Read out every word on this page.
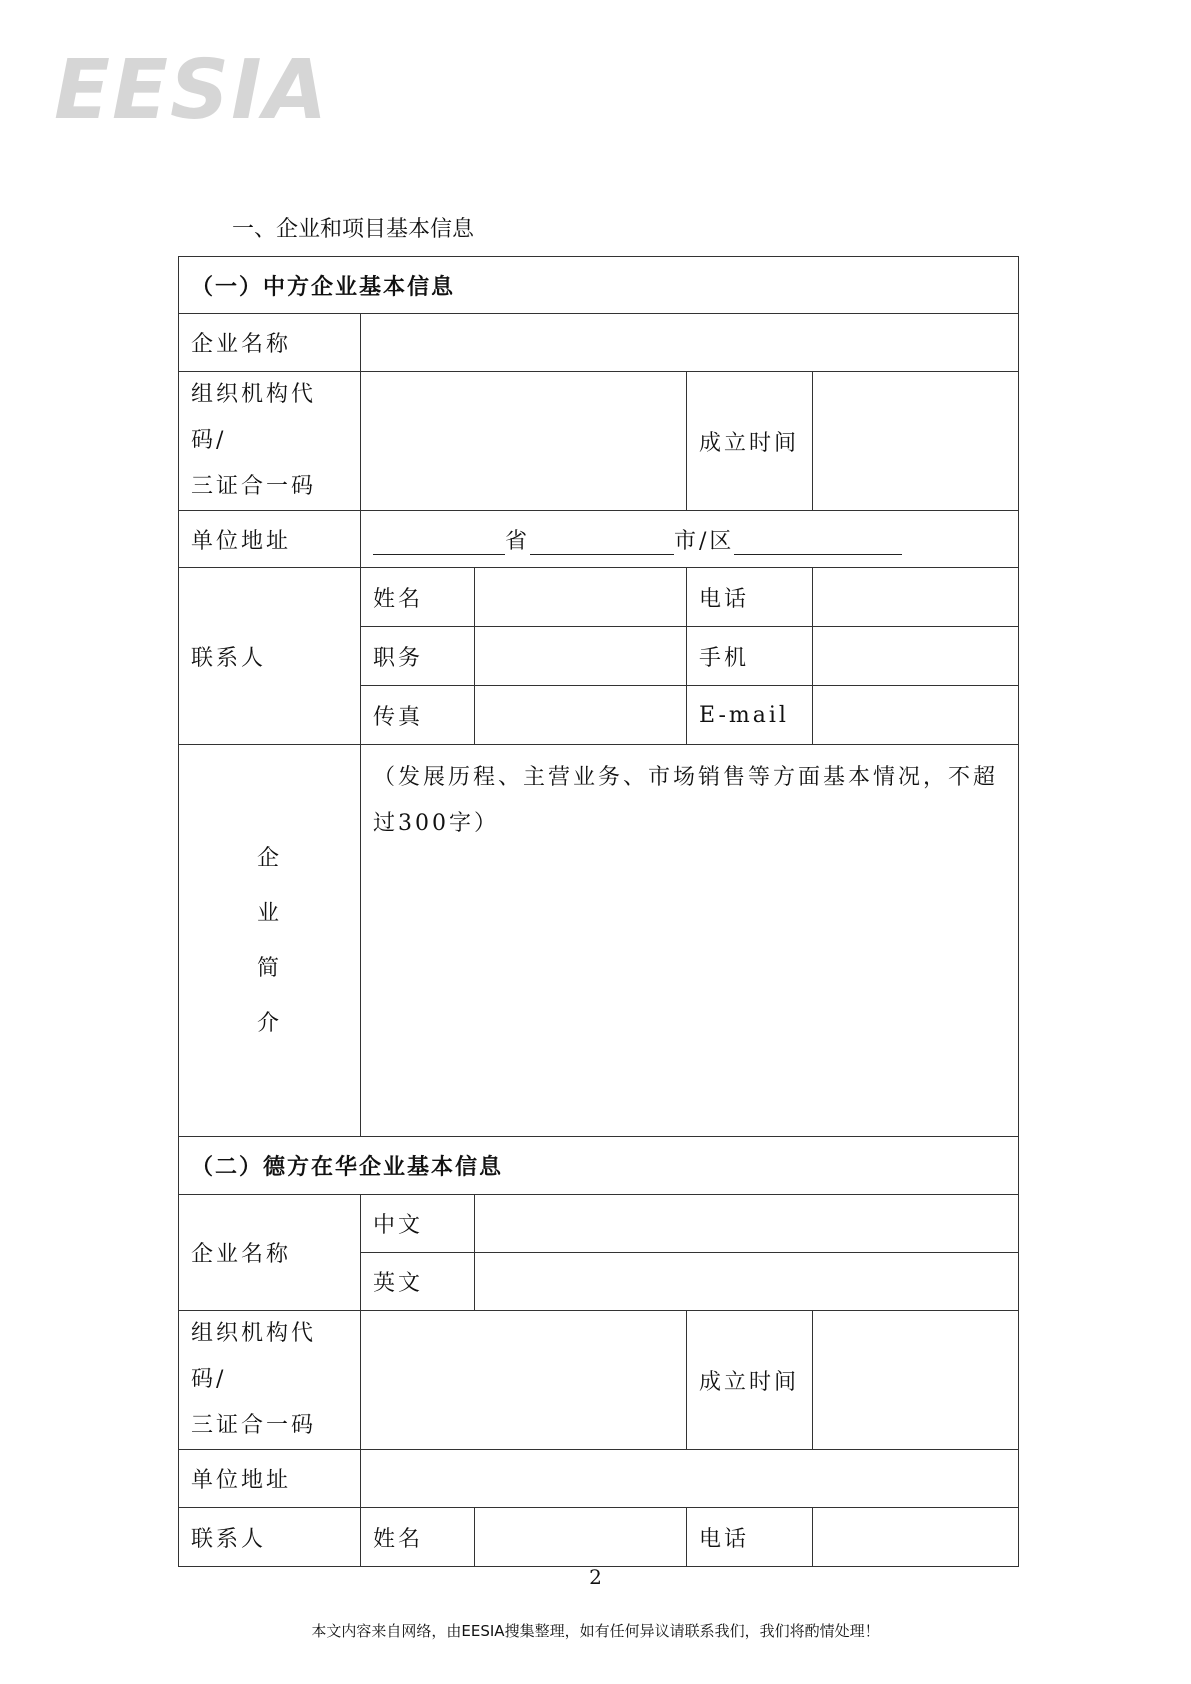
EESIA
一、企业和项目基本信息
（一）中方企业基本信息				
企业名称				
组织机构代码/
三证合一码			成立时间	
单位地址	省 市/区			
联系人	姓名		电话	
	职务		手机	
	传真		E-mail	

企
业
简
介	（发展历程、主营业务、市场销售等方面基本情况，不超过300字）			
（二）德方在华企业基本信息				
企业名称	中文			
	英文			
组织机构代码/
三证合一码			成立时间	
单位地址				
联系人	姓名		电话	
2
本文内容来自网络，由EESIA搜集整理，如有任何异议请联系我们，我们将酌情处理！
